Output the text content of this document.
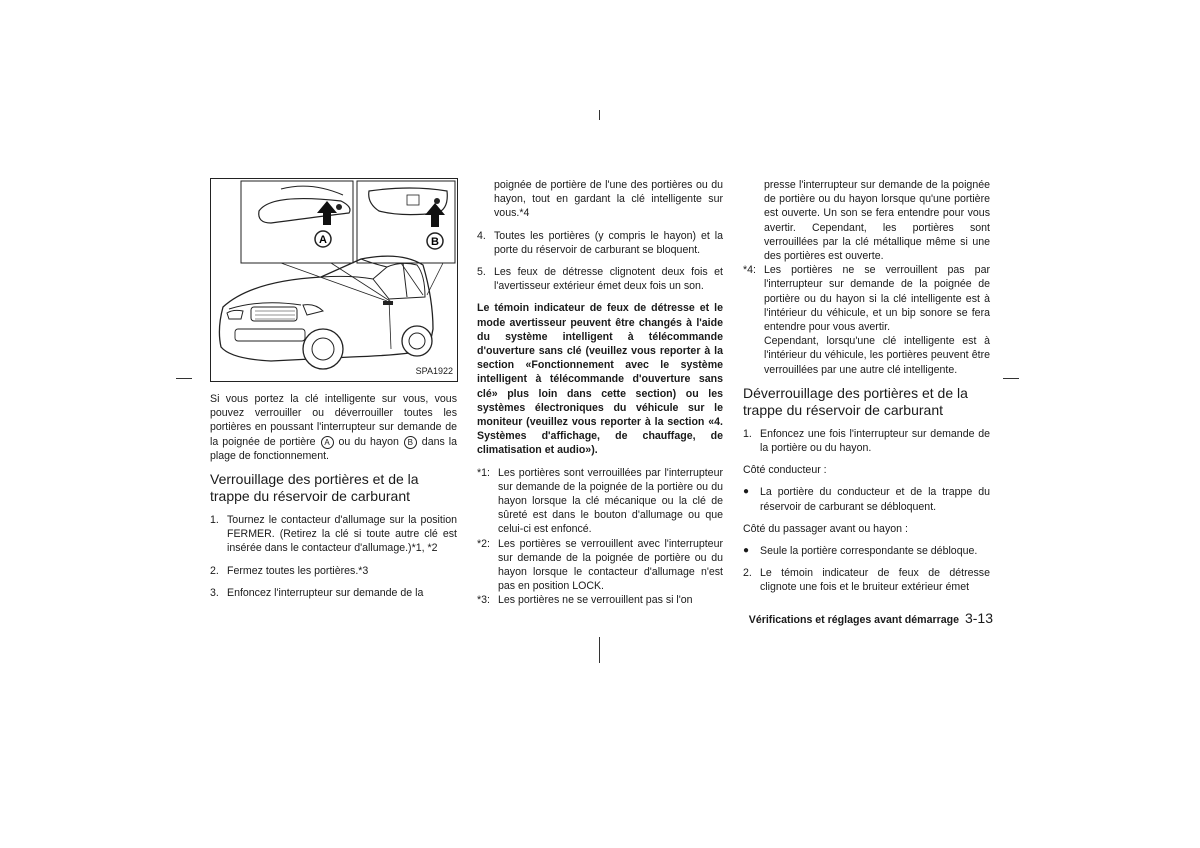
A	B
SPA1922

Si vous portez la clé intelligente sur vous, vous pouvez verrouiller ou déverrouiller toutes les portières en poussant l'interrupteur sur demande de la poignée de portière A ou du hayon B dans la plage de fonctionnement.

Verrouillage des portières et de la trappe du réservoir de carburant
1. Tournez le contacteur d'allumage sur la position FERMER. (Retirez la clé si toute autre clé est insérée dans le contacteur d'allumage.)*1, *2
2. Fermez toutes les portières.*3
3. Enfoncez l'interrupteur sur demande de la
poignée de portière de l'une des portières ou du hayon, tout en gardant la clé intelligente sur vous.*4
4. Toutes les portières (y compris le hayon) et la porte du réservoir de carburant se bloquent.
5. Les feux de détresse clignotent deux fois et l'avertisseur extérieur émet deux fois un son.

Le témoin indicateur de feux de détresse et le mode avertisseur peuvent être changés à l'aide du système intelligent à télécommande d'ouverture sans clé (veuillez vous reporter à la section «Fonctionnement avec le système intelligent à télécommande d'ouverture sans clé» plus loin dans cette section) ou les systèmes électroniques du véhicule sur le moniteur (veuillez vous reporter à la section «4. Systèmes d'affichage, de chauffage, de climatisation et audio»).

*1: Les portières sont verrouillées par l'interrupteur sur demande de la poignée de la portière ou du hayon lorsque la clé mécanique ou la clé de sûreté est dans le bouton d'allumage ou que celui-ci est enfoncé.
*2: Les portières se verrouillent avec l'interrupteur sur demande de la poignée de portière ou du hayon lorsque le contacteur d'allumage n'est pas en position LOCK.
*3: Les portières ne se verrouillent pas si l'on
presse l'interrupteur sur demande de la poignée de portière ou du hayon lorsque qu'une portière est ouverte. Un son se fera entendre pour vous avertir. Cependant, les portières sont verrouillées par la clé métallique même si une des portières est ouverte.
*4: Les portières ne se verrouillent pas par l'interrupteur sur demande de la poignée de portière ou du hayon si la clé intelligente est à l'intérieur du véhicule, et un bip sonore se fera entendre pour vous avertir.
Cependant, lorsqu'une clé intelligente est à l'intérieur du véhicule, les portières peuvent être verrouillées par une autre clé intelligente.
Déverrouillage des portières et de la trappe du réservoir de carburant
1. Enfoncez une fois l'interrupteur sur demande de la portière ou du hayon.

Côté conducteur :

●	La portière du conducteur et de la trappe du réservoir de carburant se débloquent.

Côté du passager avant ou hayon :

●	Seule la portière correspondante se débloque.
2. Le témoin indicateur de feux de détresse clignote une fois et le bruiteur extérieur émet
Vérifications et réglages avant démarrage 3-13
